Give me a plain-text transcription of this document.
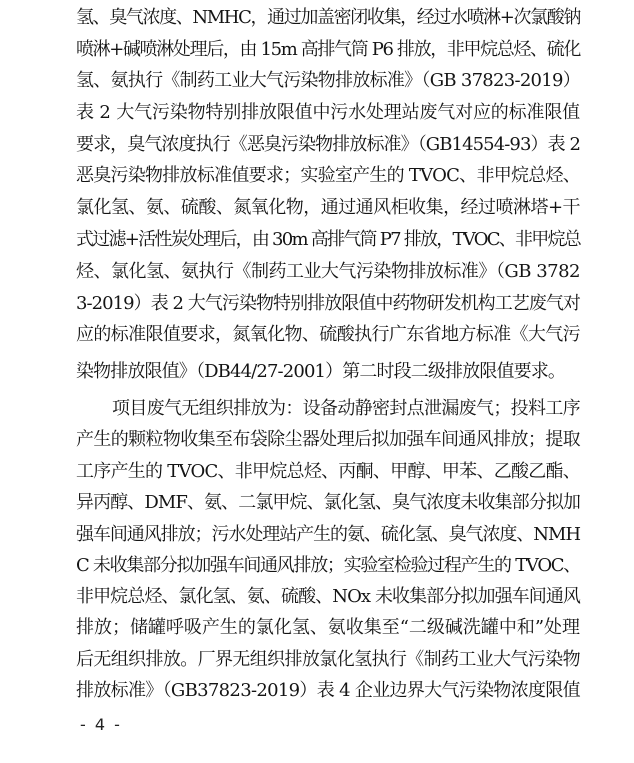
氢、臭气浓度、NMHC，通过加盖密闭收集，经过水喷淋+次氯酸钠
喷淋+碱喷淋处理后，由 15m 高排气筒 P6 排放，非甲烷总烃、硫化
氢、氨执行《制药工业大气污染物排放标准》（GB 37823-2019）
表 2 大气污染物特别排放限值中污水处理站废气对应的标准限值
要求，臭气浓度执行《恶臭污染物排放标准》（GB14554-93）表 2
恶臭污染物排放标准值要求；实验室产生的 TVOC、非甲烷总烃、
氯化氢、氨、硫酸、氮氧化物，通过通风柜收集，经过喷淋塔+干
式过滤+活性炭处理后，由 30m 高排气筒 P7 排放，TVOC、非甲烷总
烃、氯化氢、氨执行《制药工业大气污染物排放标准》（GB 3782
3-2019）表 2 大气污染物特别排放限值中药物研发机构工艺废气对
应的标准限值要求，氮氧化物、硫酸执行广东省地方标准《大气污
染物排放限值》（DB44/27-2001）第二时段二级排放限值要求。
项目废气无组织排放为：设备动静密封点泄漏废气；投料工序
产生的颗粒物收集至布袋除尘器处理后拟加强车间通风排放；提取
工序产生的 TVOC、非甲烷总烃、丙酮、甲醇、甲苯、乙酸乙酯、
异丙醇、DMF、氨、二氯甲烷、氯化氢、臭气浓度未收集部分拟加
强车间通风排放；污水处理站产生的氨、硫化氢、臭气浓度、NMH
C 未收集部分拟加强车间通风排放；实验室检验过程产生的 TVOC、
非甲烷总烃、氯化氢、氨、硫酸、NOx 未收集部分拟加强车间通风
排放；储罐呼吸产生的氯化氢、氨收集至“二级碱洗罐中和”处理
后无组织排放。厂界无组织排放氯化氢执行《制药工业大气污染物
排放标准》（GB37823-2019）表 4 企业边界大气污染物浓度限值
- 4 -
